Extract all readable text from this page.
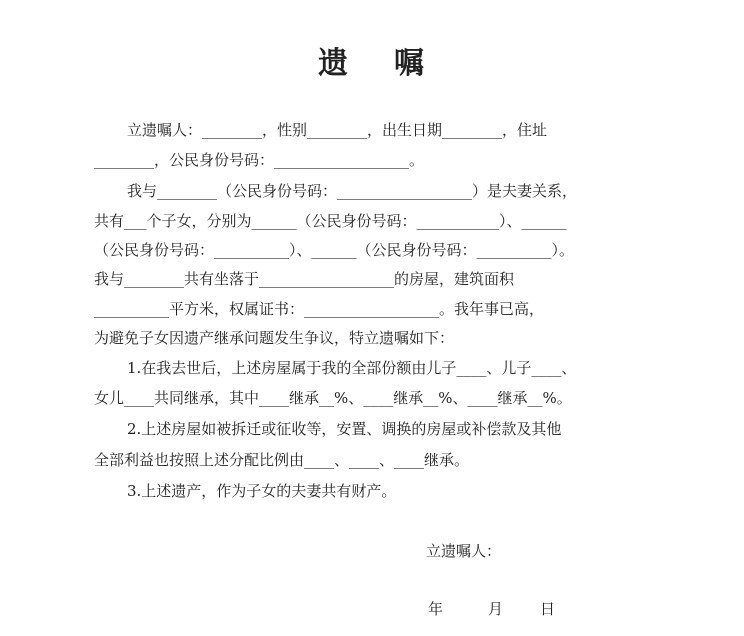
遗 嘱
立遗嘱人：________，性别________，出生日期________，住址
________，公民身份号码：__________________。
我与________（公民身份号码：__________________）是夫妻关系，
共有___个子女，分别为______（公民身份号码：___________）、______
（公民身份号码：__________）、______（公民身份号码：__________）。
我与________共有坐落于__________________的房屋，建筑面积
__________平方米，权属证书：__________________。我年事已高，
为避免子女因遗产继承问题发生争议，特立遗嘱如下：
1.在我去世后，上述房屋属于我的全部份额由儿子____、儿子____、
女儿____共同继承，其中____继承__%、____继承__%、____继承__%。
2.上述房屋如被拆迁或征收等，安置、调换的房屋或补偿款及其他
全部利益也按照上述分配比例由____、____、____继承。
3.上述遗产，作为子女的夫妻共有财产。
立遗嘱人：
年	月 日
